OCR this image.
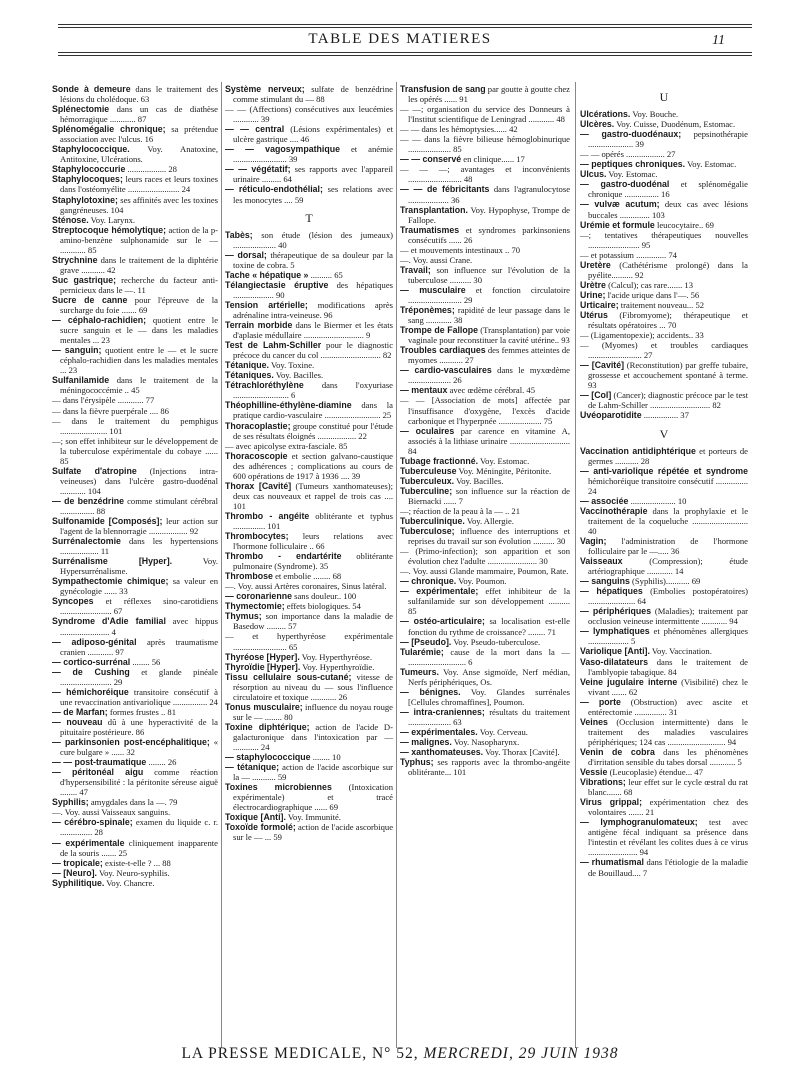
TABLE DES MATIERES	11

Sonde à demeure dans le traitement des lésions du cholédoque. 63

Splénectomie dans un cas de diathèse hémorragique ............ 87

Splénomégalie chronique; sa prétendue association avec l'ulcus. 16

Staphylococcique. Voy. Anatoxine, Antitoxine, Ulcérations.

Staphylococcurie .................. 28

Staphylocoques; leurs races et leurs toxines dans l'ostéomyélite ........................ 24

Staphylotoxine; ses affinités avec les toxines gangréneuses. 104

Sténose. Voy. Larynx.

Streptocoque hémolytique; action de la p-amino-benzène sulphonamide sur le — ............ 85

Strychnine dans le traitement de la diphtérie grave ........... 42

Suc gastrique; recherche du facteur anti-pernicieux dans le —. 11

Sucre de canne pour l'épreuve de la surcharge du foie ....... 69

— céphalo-rachidien; quotient entre le sucre sanguin et le — dans les maladies mentales ... 23

— sanguin; quotient entre le — et le sucre céphalo-rachidien dans les maladies mentales ... 23

Sulfanilamide dans le traitement de la méningococcémie .. 45

— dans l'érysipèle ............ 77

— dans la fièvre puerpérale .... 86

— dans le traitement du pemphigus ...................... 101

—; son effet inhibiteur sur le développement de la tuberculose expérimentale du cobaye ...... 85

Sulfate d'atropine (Injections intra-veineuses) dans l'ulcère gastro-duodénal ............ 104

— de benzédrine comme stimulant cérébral ................ 88

Sulfonamide [Composés]; leur action sur l'agent de la blennorragie .................. 92

Surrénalectomie dans les hypertensions .................. 11

Surrénalisme [Hyper].	Voy. Hypersurrénalisme.

Sympathectomie chimique; sa valeur en gynécologie ...... 33

Syncopes et réflexes sino-carotidiens ........................ 67

Syndrome d'Adie familial avec hippus ....................... 4

— adiposo-génital après traumatisme cranien ............ 97

— cortico-surrénal ........ 56

— de Cushing et glande pinéale ........................ 29

— hémichoréique transitoire consécutif à une revaccination antivariolique ................ 24

— de Marfan; formes frustes .. 81

— nouveau dû à une hyperactivité de la pituitaire postérieure. 86

— parkinsonien post-encéphalitique; « cure bulgare » ...... 32

— — post-traumatique ........ 26

— péritonéal aigu comme réaction d'hypersensibilité : la péritonite séreuse aiguë ........ 47

Syphilis; amygdales dans la —. 79

—. Voy. aussi Vaisseaux sanguins.

— cérébro-spinale; examen du liquide c. r. ............... 28

— expérimentale cliniquement inapparente de la souris ....... 25

— tropicale; existe-t-elle ? ... 88

— [Neuro]. Voy. Neuro-syphilis.

Syphilitique. Voy. Chancre.

Système nerveux; sulfate de benzédrine comme stimulant du — 88

— — (Affections) consécutives aux leucémies ............ 39

— — central (Lésions expérimentales) et ulcère gastrique .... 46

— — vagosympathique et anémie ......................... 39

— — végétatif; ses rapports avec l'appareil urinaire ......... 64

— réticulo-endothélial; ses relations avec les monocytes .... 59

T

Tabès; son étude (lésion des jumeaux) .................... 40

— dorsal; thérapeutique de sa douleur par la toxine de cobra. 5

Tache « hépatique » .......... 65

Télangiectasie éruptive des hépatiques ................... 90

Tension artérielle; modifications après adrénaline intra-veineuse. 96

Terrain morbide dans le Biermer et les états d'aplasie médullaire ............................ 9

Test de Lahm-Schiller pour le diagnostic précoce du cancer du col ............................ 82

Tétanique. Voy. Toxine.

Tétaniques. Voy. Bacilles.

Tétrachloréthylène dans l'oxyuriase .......................... 6

Théophilline-éthylène-diamine dans la pratique cardio-vasculaire .......................... 25

Thoracoplastie; groupe constitué pour l'étude de ses résultats éloignés .................. 22

— avec apicolyse extra-fasciale. 85

Thoracoscopie et section galvano-caustique des adhérences ; complications au cours de 600 opérations de 1917 à 1936 .... 39

Thorax [Cavité] (Tumeurs xanthomateuses); deux cas nouveaux et rappel de trois cas .... 101

Thrombo - angéite oblitérante et typhus ............... 101

Thrombocytes; leurs relations avec l'hormone folliculaire .. 66

Thrombo - endartérite oblitérante pulmonaire (Syndrome). 35

Thrombose et embolie ........ 68

—. Voy. aussi Artères coronaires, Sinus latéral.

— coronarienne sans douleur.. 100

Thymectomie; effets biologiques. 54

Thymus; son importance dans la maladie de Basedow ......... 57

— et hyperthyréose expérimentale ......................... 65

Thyréose [Hyper]. Voy. Hyperthyréose.

Thyroïdie [Hyper]. Voy. Hyperthyroïdie.

Tissu cellulaire sous-cutané; vitesse de résorption au niveau du — sous l'influence circulatoire et toxique ............ 26

Tonus musculaire; influence du noyau rouge sur le — ........ 80

Toxine diphtérique; action de l'acide D-galacturonique dans l'intoxication par — ............ 24

— staphylococcique ........ 10

— tétanique; action de l'acide ascorbique sur la — ........... 59

Toxines microbiennes (Intoxication expérimentale) et tracé électrocardiographique ...... 69

Toxique [Anti]. Voy. Immunité.

Toxoïde formolé; action de l'acide ascorbique sur le — ... 59

Transfusion de sang par goutte à goutte chez les opérés ...... 91

— —; organisation du service des Donneurs à l'Institut scientifique de Leningrad ............ 48

— — dans les hémoptysies...... 42

— — dans la fièvre bilieuse hémoglobinurique .................... 85

— — conservé en clinique...... 17

— — —; avantages et inconvénients ......................... 48

— — de fébricitants dans l'agranulocytose ................... 36

Transplantation. Voy. Hypophyse, Trompe de Fallope.

Traumatismes et syndromes parkinsoniens consécutifs ...... 26

— et mouvements intestinaux .. 70

—. Voy. aussi Crane.

Travail; son influence sur l'évolution de la tuberculose .......... 30

— musculaire et fonction circulatoire ......................... 29

Tréponèmes; rapidité de leur passage dans le sang ............ 38

Trompe de Fallope (Transplantation) par voie vaginale pour reconstituer la cavité utérine.. 93

Troubles cardiaques des femmes atteintes de myomes ........... 27

— cardio-vasculaires dans le myxœdème .................... 26

— mentaux avec œdème cérébral. 45

— — [Association de mots] affectée par l'insuffisance d'oxygène, l'excès d'acide carbonique et l'hyperpnée .................... 75

— oculaires par carence en vitamine A, associés à la lithiase urinaire ............................ 84

Tubage fractionné. Voy. Estomac.

Tuberculeuse Voy. Méningite, Péritonite.

Tuberculeux. Voy. Bacilles.

Tuberculine; son influence sur la réaction de Biernacki ...... 7

—; réaction de la peau à la — .. 21

Tuberculinique. Voy. Allergie.

Tuberculose; influence des interruptions et reprises du travail sur son évolution .......... 30

— (Primo-infection); son apparition et son évolution chez l'adulte ....................... 30

—. Voy. aussi Glande mammaire, Poumon, Rate.

— chronique. Voy. Poumon.

— expérimentale; effet inhibiteur de la sulfanilamide sur son développement .......... 85

— ostéo-articulaire; sa localisation est-elle fonction du rythme de croissance? ........ 71

— [Pseudo]. Voy. Pseudo-tuberculose.

Tularémie; cause de la mort dans la — ........................... 6

Tumeurs. Voy. Anse sigmoïde, Nerf médian, Nerfs périphériques, Os.

— bénignes. Voy. Glandes surrénales [Cellules chromaffines], Poumon.

— intra-craniennes; résultats du traitement .................... 63

— expérimentales. Voy. Cerveau.

— malignes. Voy. Nasopharynx.

— xanthomateuses. Voy. Thorax [Cavité].

Typhus; ses rapports avec la thrombo-angéite oblitérante... 101

U

Ulcérations. Voy. Bouche.

Ulcères. Voy. Cuisse, Duodénum, Estomac.

— gastro-duodénaux; pepsinothérapie ..................... 39

— — opérés .................. 27

— peptiques chroniques. Voy. Estomac.

Ulcus. Voy. Estomac.

— gastro-duodénal et splénomégalie chronique ................ 16

— vulvæ acutum; deux cas avec lésions buccales .............. 103

Urémie et formule leucocytaire.. 69

—; tentatives thérapeutiques nouvelles ........................ 95

— et potassium .............. 74

Uretère (Cathétérisme prolongé) dans la pyélite.......... 92

Urètre (Calcul); cas rare....... 13

Urine; l'acide urique dans l'—. 56

Urticaire; traitement nouveau... 52

Utérus (Fibromyome); thérapeutique et résultats opératoires ... 70

— (Ligamentopexie); accidents.. 33

— (Myomes) et troubles cardiaques ......................... 27

— [Cavité] (Reconstitution) par greffe tubaire, grossesse et accouchement spontané à terme. 93

— [Col] (Cancer); diagnostic précoce par le test de Lahm-Schiller ............................ 82

Uvéoparotidite ................ 37

V

Vaccination antidiphtérique et porteurs de germes ........... 28

— anti-variolique répétée et syndrome hémichoréique transitoire consécutif ............... 24

— associée ..................... 10

Vaccinothérapie dans la prophylaxie et le traitement de la coqueluche .......................... 40

Vagin; l'administration de l'hormone folliculaire par le —..... 36

Vaisseaux	(Compression); étude artériographique ............ 14

— sanguins (Syphilis)........... 69

— hépatiques (Embolies postopératoires) ...................... 64

— périphériques (Maladies); traitement par occlusion veineuse intermittente ............ 94

— lymphatiques et phénomènes allergiques ................... 5

Variolique [Anti]. Voy. Vaccination.

Vaso-dilatateurs dans le traitement de l'amblyopie tabagique. 84

Veine jugulaire interne (Visibilité) chez le vivant ....... 62

— porte (Obstruction) avec ascite et entérectomie ............... 31

Veines (Occlusion intermittente) dans le traitement des maladies vasculaires périphériques; 124 cas ........................... 94

Venin de cobra dans les phénomènes d'irritation sensible du tabes dorsal ............ 5

Vessie (Leucoplasie) étendue... 47

Vibrations; leur effet sur le cycle œstral du rat blanc....... 68

Virus grippal; expérimentation chez des volontaires ....... 21

— lymphogranulomateux; test avec antigène fécal indiquant sa présence dans l'intestin et révélant les colites dues à ce virus ....................... 94

— rhumatismal dans l'étiologie de la maladie de Bouillaud.... 7

LA PRESSE MEDICALE, N° 52, MERCREDI, 29 JUIN 1938
